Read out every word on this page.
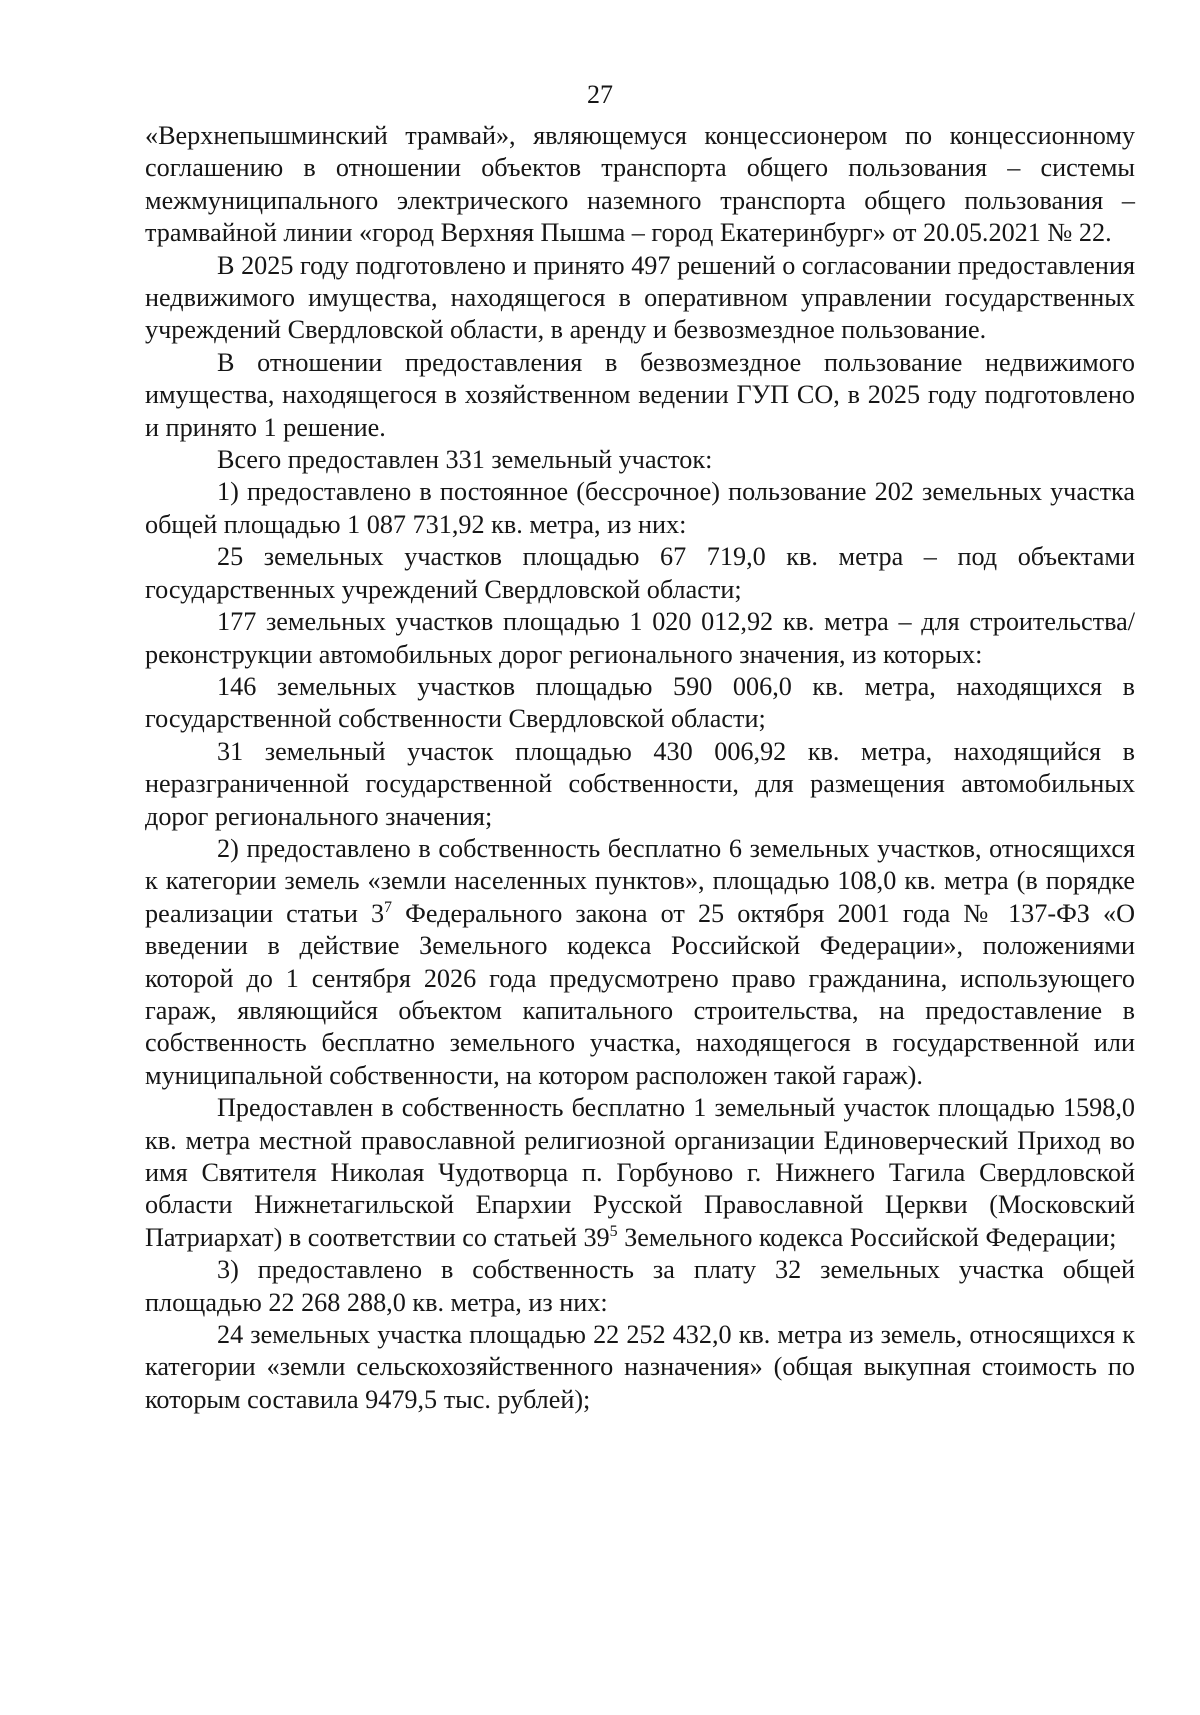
27

«Верхнепышминский трамвай», являющемуся концессионером по концессионному соглашению в отношении объектов транспорта общего пользования – системы межмуниципального электрического наземного транспорта общего пользования – трамвайной линии «город Верхняя Пышма – город Екатеринбург» от 20.05.2021 № 22.

В 2025 году подготовлено и принято 497 решений о согласовании предоставления недвижимого имущества, находящегося в оперативном управлении государственных учреждений Свердловской области, в аренду и безвозмездное пользование.

В отношении предоставления в безвозмездное пользование недвижимого имущества, находящегося в хозяйственном ведении ГУП СО, в 2025 году подготовлено и принято 1 решение.

Всего предоставлен 331 земельный участок:

1) предоставлено в постоянное (бессрочное) пользование 202 земельных участка общей площадью 1 087 731,92 кв. метра, из них:

25 земельных участков площадью 67 719,0 кв. метра – под объектами государственных учреждений Свердловской области;

177 земельных участков площадью 1 020 012,92 кв. метра – для строительства/реконструкции автомобильных дорог регионального значения, из которых:

146 земельных участков площадью 590 006,0 кв. метра, находящихся в государственной собственности Свердловской области;

31 земельный участок площадью 430 006,92 кв. метра, находящийся в неразграниченной государственной собственности, для размещения автомобильных дорог регионального значения;

2) предоставлено в собственность бесплатно 6 земельных участков, относящихся к категории земель «земли населенных пунктов», площадью 108,0 кв. метра (в порядке реализации статьи $3^7$ Федерального закона от 25 октября 2001 года № 137-ФЗ «О введении в действие Земельного кодекса Российской Федерации», положениями которой до 1 сентября 2026 года предусмотрено право гражданина, использующего гараж, являющийся объектом капитального строительства, на предоставление в собственность бесплатно земельного участка, находящегося в государственной или муниципальной собственности, на котором расположен такой гараж).

Предоставлен в собственность бесплатно 1 земельный участок площадью 1598,0 кв. метра местной православной религиозной организации Единоверческий Приход во имя Святителя Николая Чудотворца п. Горбуново г. Нижнего Тагила Свердловской области Нижнетагильской Епархии Русской Православной Церкви (Московский Патриархат) в соответствии со статьей $39^5$ Земельного кодекса Российской Федерации;

3) предоставлено в собственность за плату 32 земельных участка общей площадью 22 268 288,0 кв. метра, из них:

24 земельных участка площадью 22 252 432,0 кв. метра из земель, относящихся к категории «земли сельскохозяйственного назначения» (общая выкупная стоимость по которым составила 9479,5 тыс. рублей);
